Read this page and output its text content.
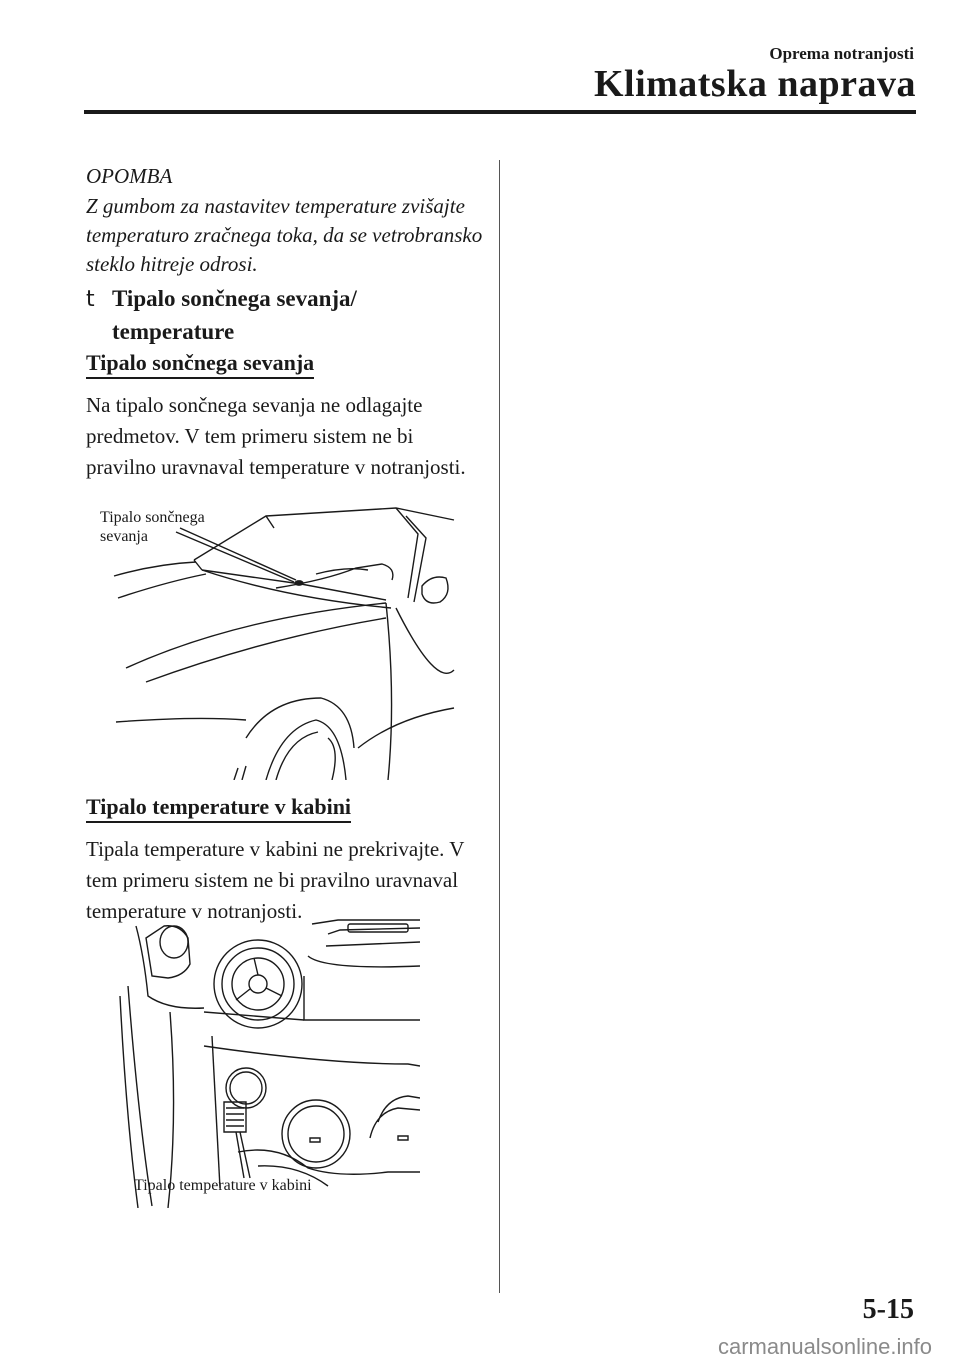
Oprema notranjosti
Klimatska naprava
OPOMBA
Z gumbom za nastavitev temperature zvišajte temperaturo zračnega toka, da se vetrobransko steklo hitreje odrosi.
t Tipalo sončnega sevanja/ temperature
Tipalo sončnega sevanja
Na tipalo sončnega sevanja ne odlagajte predmetov. V tem primeru sistem ne bi pravilno uravnaval temperature v notranjosti.
Tipalo sončnega sevanja
Tipalo temperature v kabini
Tipala temperature v kabini ne prekrivajte. V tem primeru sistem ne bi pravilno uravnaval temperature v notranjosti.
Tipalo temperature v kabini
5-15
carmanualsonline.info
